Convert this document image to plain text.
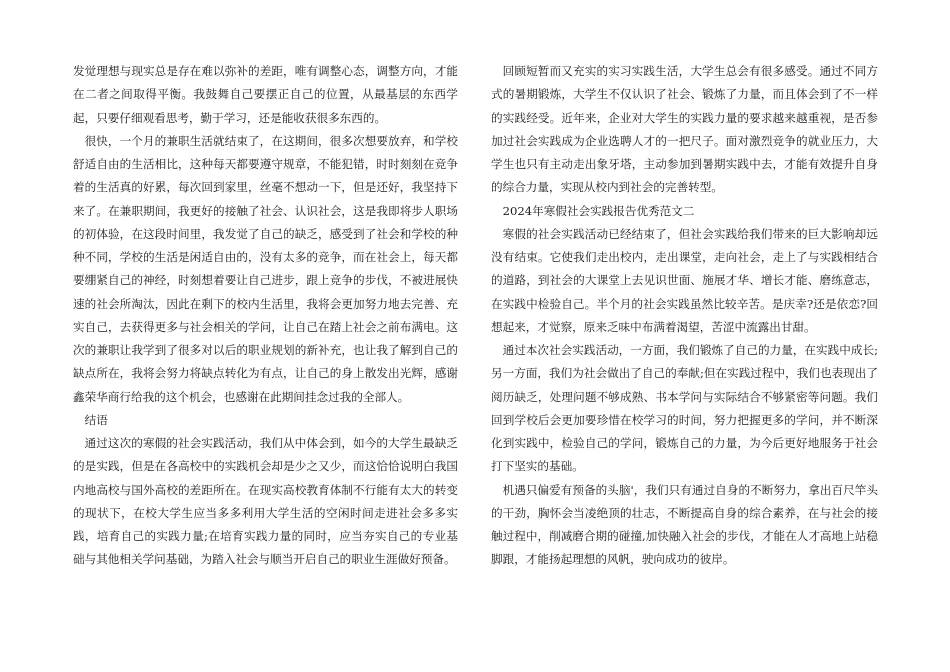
发觉理想与现实总是存在难以弥补的差距，唯有调整心态，调整方向，才能在二者之间取得平衡。我鼓舞自己要摆正自己的位置，从最基层的东西学起，只要仔细观看思考，勤于学习，还是能收获很多东西的。

很快，一个月的兼职生活就结束了，在这期间，很多次想要放弃，和学校舒适自由的生活相比，这种每天都要遵守规章，不能犯错，时时刻刻在竞争着的生活真的好累，每次回到家里，丝毫不想动一下，但是还好，我坚持下来了。在兼职期间，我更好的接触了社会、认识社会，这是我即将步人职场的初体验，在这段时间里，我发觉了自己的缺乏，感受到了社会和学校的种种不同，学校的生活是闲适自由的，没有太多的竞争，而在社会上，每天都要绷紧自己的神经，时刻想着要让自己进步，跟上竞争的步伐，不被进展快速的社会所淘汰，因此在剩下的校内生活里，我将会更加努力地去完善、充实自己，去获得更多与社会相关的学问，让自己在踏上社会之前布满电。这次的兼职让我学到了很多对以后的职业规划的新补充，也让我了解到自己的缺点所在，我将会努力将缺点转化为有点，让自己的身上散发出光辉，感谢鑫荣华商行给我的这个机会，也感谢在此期间挂念过我的全部人。

结语

通过这次的寒假的社会实践活动，我们从中体会到，如今的大学生最缺乏的是实践，但是在各高校中的实践机会却是少之又少，而这恰恰说明白我国内地高校与国外高校的差距所在。在现实高校教育体制不行能有太大的转变的现状下，在校大学生应当多多利用大学生活的空闲时间走进社会多多实践，培育自己的实践力量;在培育实践力量的同时，应当夯实自己的专业基础与其他相关学问基础，为踏入社会与顺当开启自己的职业生涯做好预备。

回顾短暂而又充实的实习实践生活，大学生总会有很多感受。通过不同方式的暑期锻炼，大学生不仅认识了社会、锻炼了力量，而且体会到了不一样的实践经受。近年来，企业对大学生的实践力量的要求越来越重视，是否参加过社会实践成为企业选聘人才的一把尺子。面对激烈竞争的就业压力，大学生也只有主动走出象牙塔，主动参加到暑期实践中去，才能有效提升自身的综合力量，实现从校内到社会的完善转型。

2024年寒假社会实践报告优秀范文二

寒假的社会实践活动已经结束了，但社会实践给我们带来的巨大影响却远没有结束。它使我们走出校内，走出课堂，走向社会，走上了与实践相结合的道路，到社会的大课堂上去见识世面、施展才华、增长才能、磨练意志，在实践中检验自己。半个月的社会实践虽然比较辛苦。是庆幸?还是依恋?回想起来，才觉察，原来乏味中布满着渴望，苦涩中流露出甘甜。

通过本次社会实践活动，一方面，我们锻炼了自己的力量，在实践中成长;另一方面，我们为社会做出了自己的奉献;但在实践过程中，我们也表现出了阅历缺乏，处理问题不够成熟、书本学问与实际结合不够紧密等问题。我们回到学校后会更加要珍惜在校学习的时间，努力把握更多的学问，并不断深化到实践中，检验自己的学问，锻炼自己的力量，为今后更好地服务于社会打下坚实的基础。

机遇只偏爱有预备的头脑'，我们只有通过自身的不断努力，拿出百尺竿头的干劲，胸怀会当凌绝顶的壮志，不断提高自身的综合素养，在与社会的接触过程中，削减磨合期的碰撞,加快融入社会的步伐，才能在人才高地上站稳脚跟，才能扬起理想的风帆，驶向成功的彼岸。
